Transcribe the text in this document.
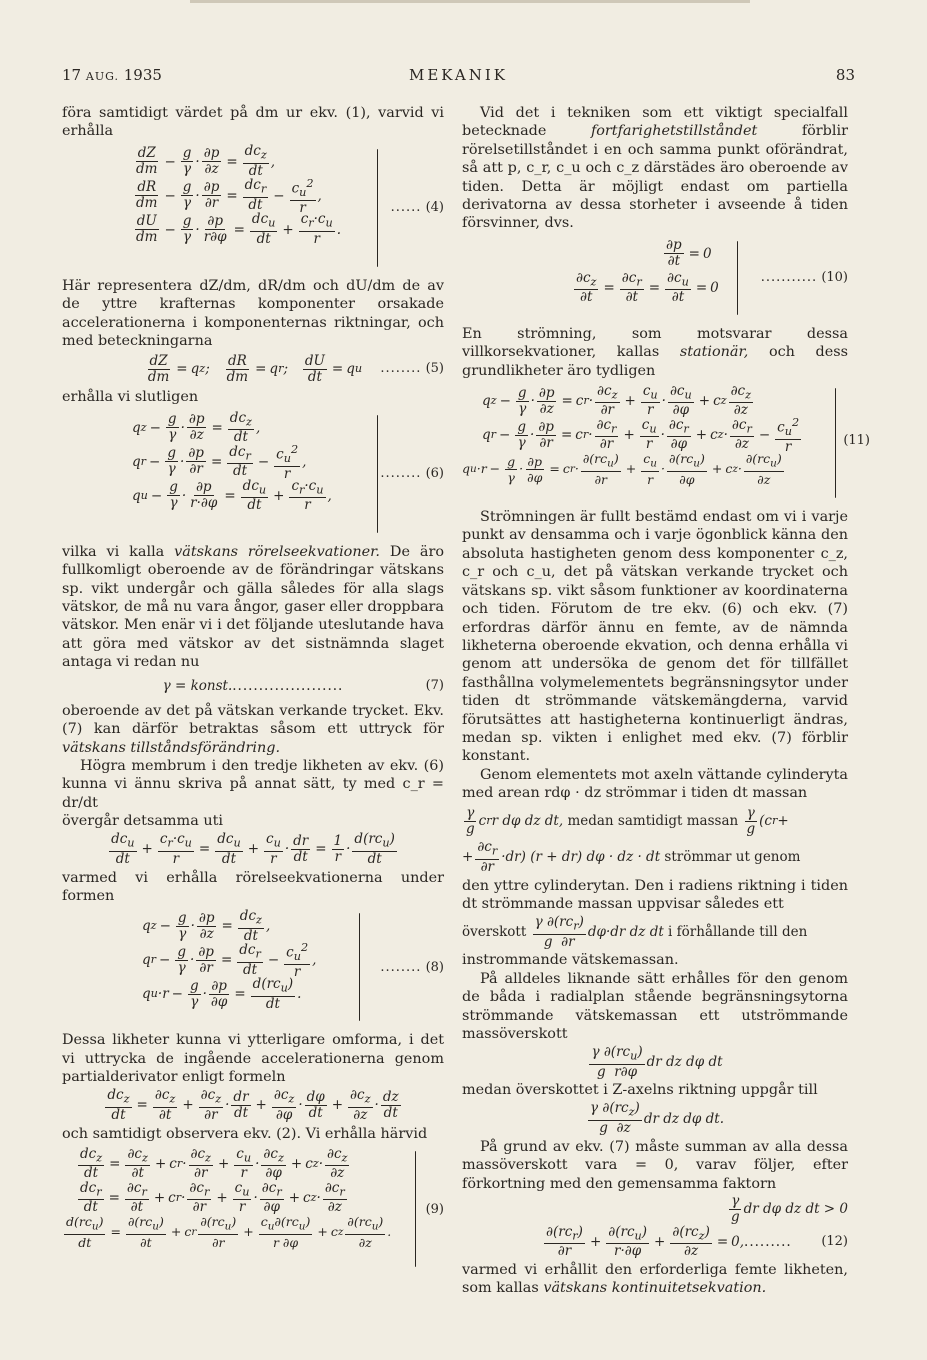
17 AUG. 1935	MEKANIK	83

föra samtidigt värdet på dm ur ekv. (1), varvid vi erhålla

$\frac{dZ}{dm} - \frac{g}{\gamma} \cdot \frac{\partial p}{\partial z} = \frac{dc_z}{dt}$ ,
$\frac{dR}{dm} - \frac{g}{\gamma} \cdot \frac{\partial p}{\partial r} = \frac{dc_r}{dt} - \frac{c_u^2}{r}$ ,
$\frac{dU}{dm} - \frac{g}{\gamma} \cdot \frac{\partial p}{r\partial\varphi} = \frac{dc_u}{dt} + \frac{c_r\cdot c_u}{r}$ .
...... (4)

Här representera dZ/dm, dR/dm och dU/dm de av de yttre krafternas komponenter orsakade accelerationerna i komponenternas riktningar, och med beteckningarna

$\frac{dZ}{dm} = q$ z ; $\frac{dR}{dm} = q$ r ; $\frac{dU}{dt} = q$ u ........ (5)

erhålla vi slutligen

q $z - \frac{g}{\gamma} \cdot \frac{\partial p}{\partial z} = \frac{dc_z}{dt}$ ,
q $r - \frac{g}{\gamma} \cdot \frac{\partial p}{\partial r} = \frac{dc_r}{dt} - \frac{c_u^2}{r}$ ,
q $u - \frac{g}{\gamma} \cdot \frac{\partial p}{r\cdot\partial\varphi} = \frac{dc_u}{dt} + \frac{c_r\cdot c_u}{r}$ ,
........ (6)

vilka vi kalla vätskans rörelseekvationer. De äro fullkomligt oberoende av de förändringar vätskans sp. vikt undergår och gälla således för alla slags vätskor, de må nu vara ångor, gaser eller droppbara vätskor. Men enär vi i det följande uteslutande hava att göra med vätskor av det sistnämnda slaget antaga vi redan nu

γ = konst. .....................	(7)

oberoende av det på vätskan verkande trycket. Ekv. (7) kan därför betraktas såsom ett uttryck för vätskans tillståndsförändring.

Högra membrum i den tredje likheten av ekv. (6) kunna vi ännu skriva på annat sätt, ty med c_r = dr/dt

övergår detsamma uti

$\frac{dc_u}{dt} + \frac{c_r\cdot c_u}{r} = \frac{dc_u}{dt} + \frac{c_u}{r} \cdot \frac{dr}{dt} = \frac{1}{r} \cdot \frac{d(rc_u)}{dt}$

varmed vi erhålla rörelseekvationerna under formen

q $z - \frac{g}{\gamma} \cdot \frac{\partial p}{\partial z} = \frac{dc_z}{dt}$ ,
q $r - \frac{g}{\gamma} \cdot \frac{\partial p}{\partial r} = \frac{dc_r}{dt} - \frac{c_u^2}{r}$ ,
q $u \cdot r - \frac{g}{\gamma} \cdot \frac{\partial p}{\partial\varphi} = \frac{d(rc_u)}{dt}$ .
........ (8)

Dessa likheter kunna vi ytterligare omforma, i det vi uttrycka de ingående accelerationerna genom partialderivator enligt formeln

$\frac{dc_z}{dt} = \frac{\partial c_z}{\partial t} + \frac{\partial c_z}{\partial r} \cdot \frac{dr}{dt} + \frac{\partial c_z}{\partial\varphi} \cdot \frac{d\varphi}{dt} + \frac{\partial c_z}{\partial z} \cdot \frac{dz}{dt}$

och samtidigt observera ekv. (2). Vi erhålla härvid

$\frac{dc_z}{dt} = \frac{\partial c_z}{\partial t} + c$ $r \cdot \frac{\partial c_z}{\partial r} + \frac{c_u}{r} \cdot \frac{\partial c_z}{\partial\varphi} + c$ $z \cdot \frac{\partial c_z}{\partial z}$
$\frac{dc_r}{dt} = \frac{\partial c_r}{\partial t} + c$ $r \cdot \frac{\partial c_r}{\partial r} + \frac{c_u}{r} \cdot \frac{\partial c_r}{\partial\varphi} + c$ $z \cdot \frac{\partial c_r}{\partial z}$
$\frac{d(rc_u)}{dt} = \frac{\partial(rc_u)}{\partial t} + c$ r $\frac{\partial(rc_u)}{\partial r} + \frac{c_u\partial(rc_u)}{r \partial\varphi} + c$ z $\frac{\partial(rc_u)}{\partial z}$ .
(9)

Vid det i tekniken som ett viktigt specialfall betecknade fortfarighetstillståndet förblir rörelsetillståndet i en och samma punkt oförändrat, så att p, c_r, c_u och c_z därstädes äro oberoende av tiden. Detta är möjligt endast om partiella derivatorna av dessa storheter i avseende å tiden försvinner, dvs.

$\frac{\partial p}{\partial t} = 0$
$\frac{\partial c_z}{\partial t} = \frac{\partial c_r}{\partial t} = \frac{\partial c_u}{\partial t} = 0$
........... (10)

En strömning, som motsvarar dessa villkorsekvationer, kallas stationär, och dess grundlikheter äro tydligen

q $z - \frac{g}{\gamma} \cdot \frac{\partial p}{\partial z} = c$ $r \cdot \frac{\partial c_z}{\partial r} + \frac{c_u}{r} \cdot \frac{\partial c_u}{\partial\varphi} + c$ z $\frac{\partial c_z}{\partial z}$
q $r - \frac{g}{\gamma} \cdot \frac{\partial p}{\partial r} = c$ $r \cdot \frac{\partial c_r}{\partial r} + \frac{c_u}{r} \cdot \frac{\partial c_r}{\partial\varphi} + c$ $z \cdot \frac{\partial c_r}{\partial z} - \frac{c_u^2}{r}$
q $u \cdot r - \frac{g}{\gamma} \cdot \frac{\partial p}{\partial\varphi} = c$ $r \cdot \frac{\partial(rc_u)}{\partial r} + \frac{c_u}{r} \cdot \frac{\partial(rc_u)}{\partial\varphi} + c$ $z \cdot \frac{\partial(rc_u)}{\partial z}$
(11)

Strömningen är fullt bestämd endast om vi i varje punkt av densamma och i varje ögonblick känna den absoluta hastigheten genom dess komponenter c_z, c_r och c_u, det på vätskan verkande trycket och vätskans sp. vikt såsom funktioner av koordinaterna och tiden. Förutom de tre ekv. (6) och ekv. (7) erfordras därför ännu en femte, av de nämnda likheterna oberoende ekvation, och denna erhålla vi genom att undersöka de genom det för tillfället fasthållna volymelementets begränsningsytor under tiden dt strömmande vätskemängderna, varvid förutsättes att hastigheterna kontinuerligt ändras, medan sp. vikten i enlighet med ekv. (7) förblir konstant.

Genom elementets mot axeln vättande cylinderyta med arean rdφ · dz strömmar i tiden dt massan

$\frac{\gamma}{g}$ c r r dφ dz dt, medan samtidigt massan $\frac{\gamma}{g} (c$ r +
+ $\frac{\partial c_r}{\partial r} \cdot dr$) (r + dr) dφ · dz · dt strömmar ut genom

den yttre cylinderytan. Den i radiens riktning i tiden dt strömmande massan uppvisar således ett

överskott $\frac{\gamma \partial(rc_r)}{g \partial r} d\varphi\cdot dr$ dz dt i förhållande till den

instrommande vätskemassan.

På alldeles liknande sätt erhålles för den genom de båda i radialplan stående begränsningsytorna strömmande vätskemassan ett utströmmande massöverskott

$\frac{\gamma \partial(rc_u)}{\text{g  r∂φ}}$ dr dz dφ dt

medan överskottet i Z-axelns riktning uppgår till

$\frac{\gamma \partial(rc_z)}{g \partial z}$ dr dz dφ dt.

På grund av ekv. (7) måste summan av alla dessa massöverskott vara = 0, varav följer, efter förkortning med den gemensamma faktorn

$\frac{\gamma}{g}$ dr dφ dz dt > 0
$\frac{\partial(rc_r)}{\partial r} + \frac{\partial(rc_u)}{r\cdot\partial\varphi} + \frac{\partial(rc_z)}{\partial z} = 0$, ......... (12)

varmed vi erhållit den erforderliga femte likheten, som kallas vätskans kontinuitetsekvation.
